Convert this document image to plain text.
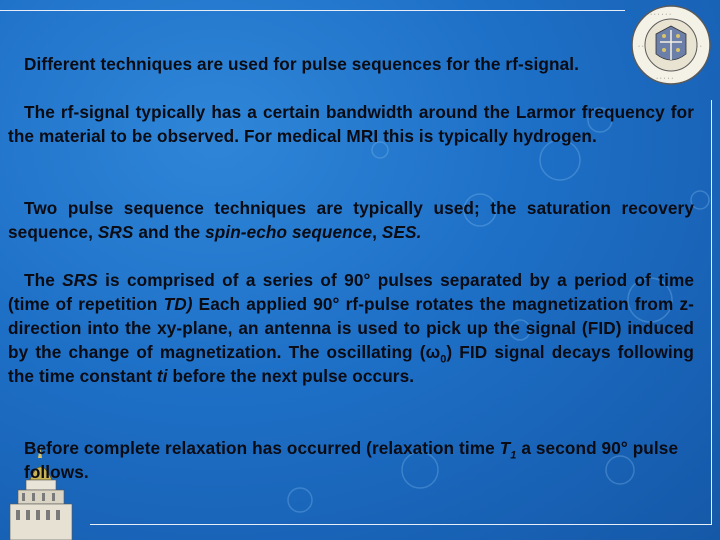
· · · · · ·
· ·	· ·
· · · · ·
Different techniques are used for pulse sequences for the rf-signal.
The rf-signal typically has a certain bandwidth around the Larmor frequency for the material to be observed. For medical MRI this is typically hydrogen.
Two pulse sequence techniques are typically used; the saturation recovery sequence, SRS and the spin-echo sequence, SES.
The SRS is comprised of a series of 90° pulses separated by a period of time (time of repetition TD) Each applied 90° rf-pulse rotates the magnetization from z-direction into the xy-plane, an antenna is used to pick up the signal (FID) induced by the change of magnetization. The oscillating $(\omega_0)$ FID signal decays following the time constant ti before the next pulse occurs.
Before complete relaxation has occurred (relaxation time $T_1$ a second 90° pulse follows.
